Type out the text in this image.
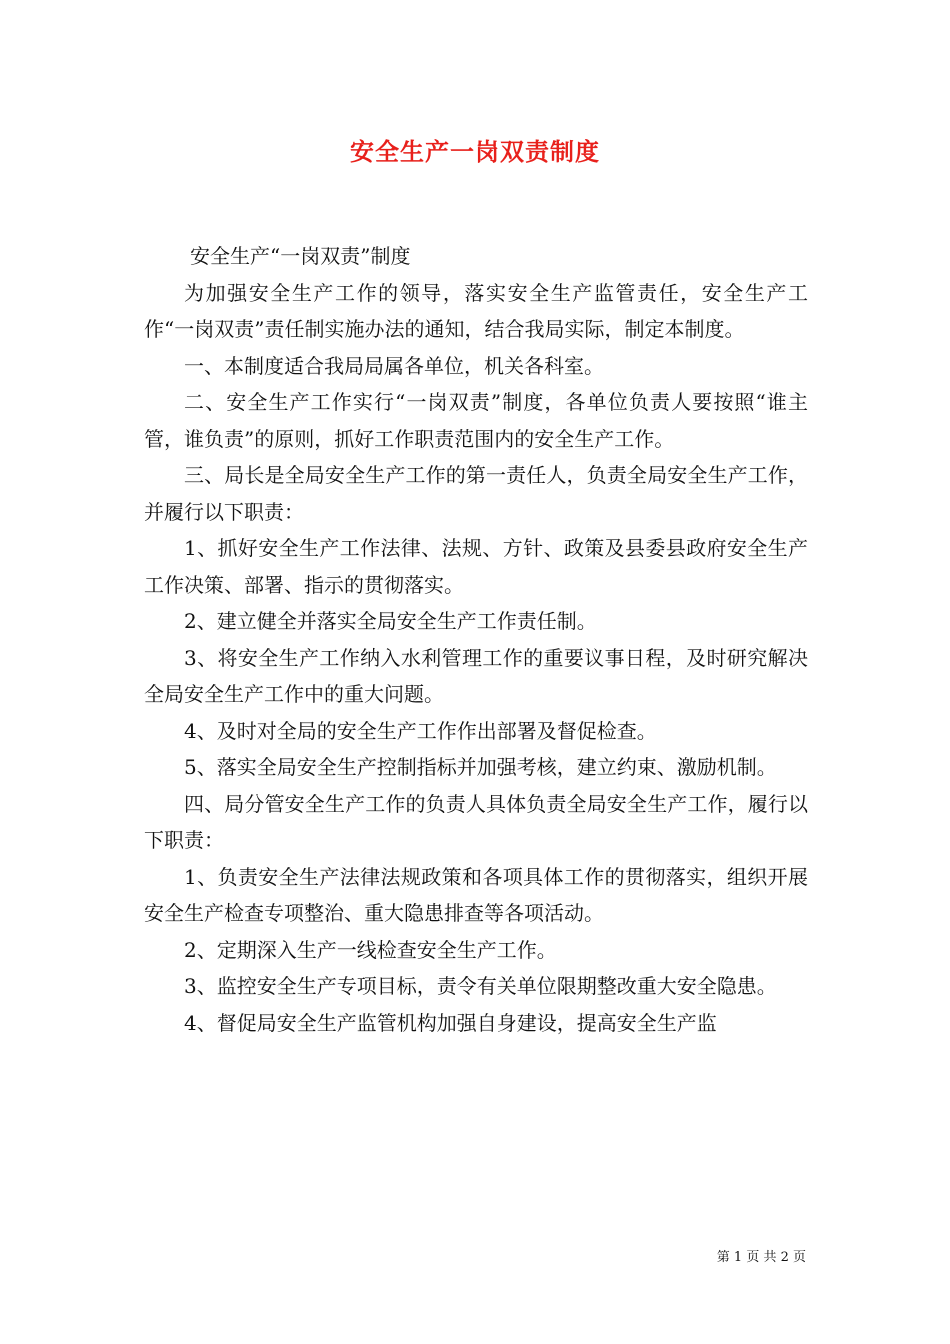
安全生产一岗双责制度

安全生产“一岗双责”制度

为加强安全生产工作的领导，落实安全生产监管责任，安全生产工作“一岗双责”责任制实施办法的通知，结合我局实际，制定本制度。

一、本制度适合我局局属各单位，机关各科室。

二、安全生产工作实行“一岗双责”制度，各单位负责人要按照“谁主管，谁负责”的原则，抓好工作职责范围内的安全生产工作。

三、局长是全局安全生产工作的第一责任人，负责全局安全生产工作，并履行以下职责：

1、抓好安全生产工作法律、法规、方针、政策及县委县政府安全生产工作决策、部署、指示的贯彻落实。

2、建立健全并落实全局安全生产工作责任制。

3、将安全生产工作纳入水利管理工作的重要议事日程，及时研究解决全局安全生产工作中的重大问题。

4、及时对全局的安全生产工作作出部署及督促检查。

5、落实全局安全生产控制指标并加强考核，建立约束、激励机制。

四、局分管安全生产工作的负责人具体负责全局安全生产工作，履行以下职责：

1、负责安全生产法律法规政策和各项具体工作的贯彻落实，组织开展安全生产检查专项整治、重大隐患排查等各项活动。

2、定期深入生产一线检查安全生产工作。

3、监控安全生产专项目标，责令有关单位限期整改重大安全隐患。

4、督促局安全生产监管机构加强自身建设，提高安全生产监

第 1 页 共 2 页
